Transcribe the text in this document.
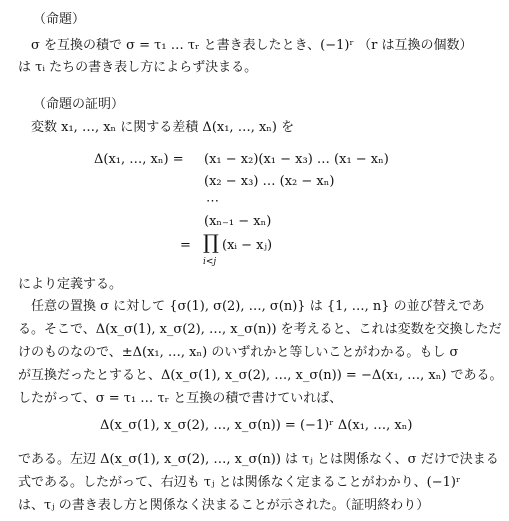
（命題）
σ を互換の積で σ = τ₁ … τᵣ と書き表したとき、(−1)ʳ （r は互換の個数）
は τᵢ たちの書き表し方によらず決まる。
（命題の証明）
変数 x₁, …, xₙ に関する差積 Δ(x₁, …, xₙ) を
Δ(x₁, …, xₙ) = (x₁ − x₂)(x₁ − x₃) … (x₁ − xₙ)
(x₂ − x₃) … (x₂ − xₙ)
⋯
(xₙ₋₁ − xₙ)
= ∏
i<j
(xᵢ − xⱼ)
により定義する。
任意の置換 σ に対して {σ(1), σ(2), …, σ(n)} は {1, …, n} の並び替えであ
る。そこで、Δ(x_σ(1), x_σ(2), …, x_σ(n)) を考えると、これは変数を交換しただ
けのものなので、±Δ(x₁, …, xₙ) のいずれかと等しいことがわかる。もし σ
が互換だったとすると、Δ(x_σ(1), x_σ(2), …, x_σ(n)) = −Δ(x₁, …, xₙ) である。
したがって、σ = τ₁ … τᵣ と互換の積で書けていれば、
Δ(x_σ(1), x_σ(2), …, x_σ(n)) = (−1)ʳ Δ(x₁, …, xₙ)
である。左辺 Δ(x_σ(1), x_σ(2), …, x_σ(n)) は τⱼ とは関係なく、σ だけで決まる
式である。したがって、右辺も τⱼ とは関係なく定まることがわかり、(−1)ʳ
は、τⱼ の書き表し方と関係なく決まることが示された。（証明終わり）
